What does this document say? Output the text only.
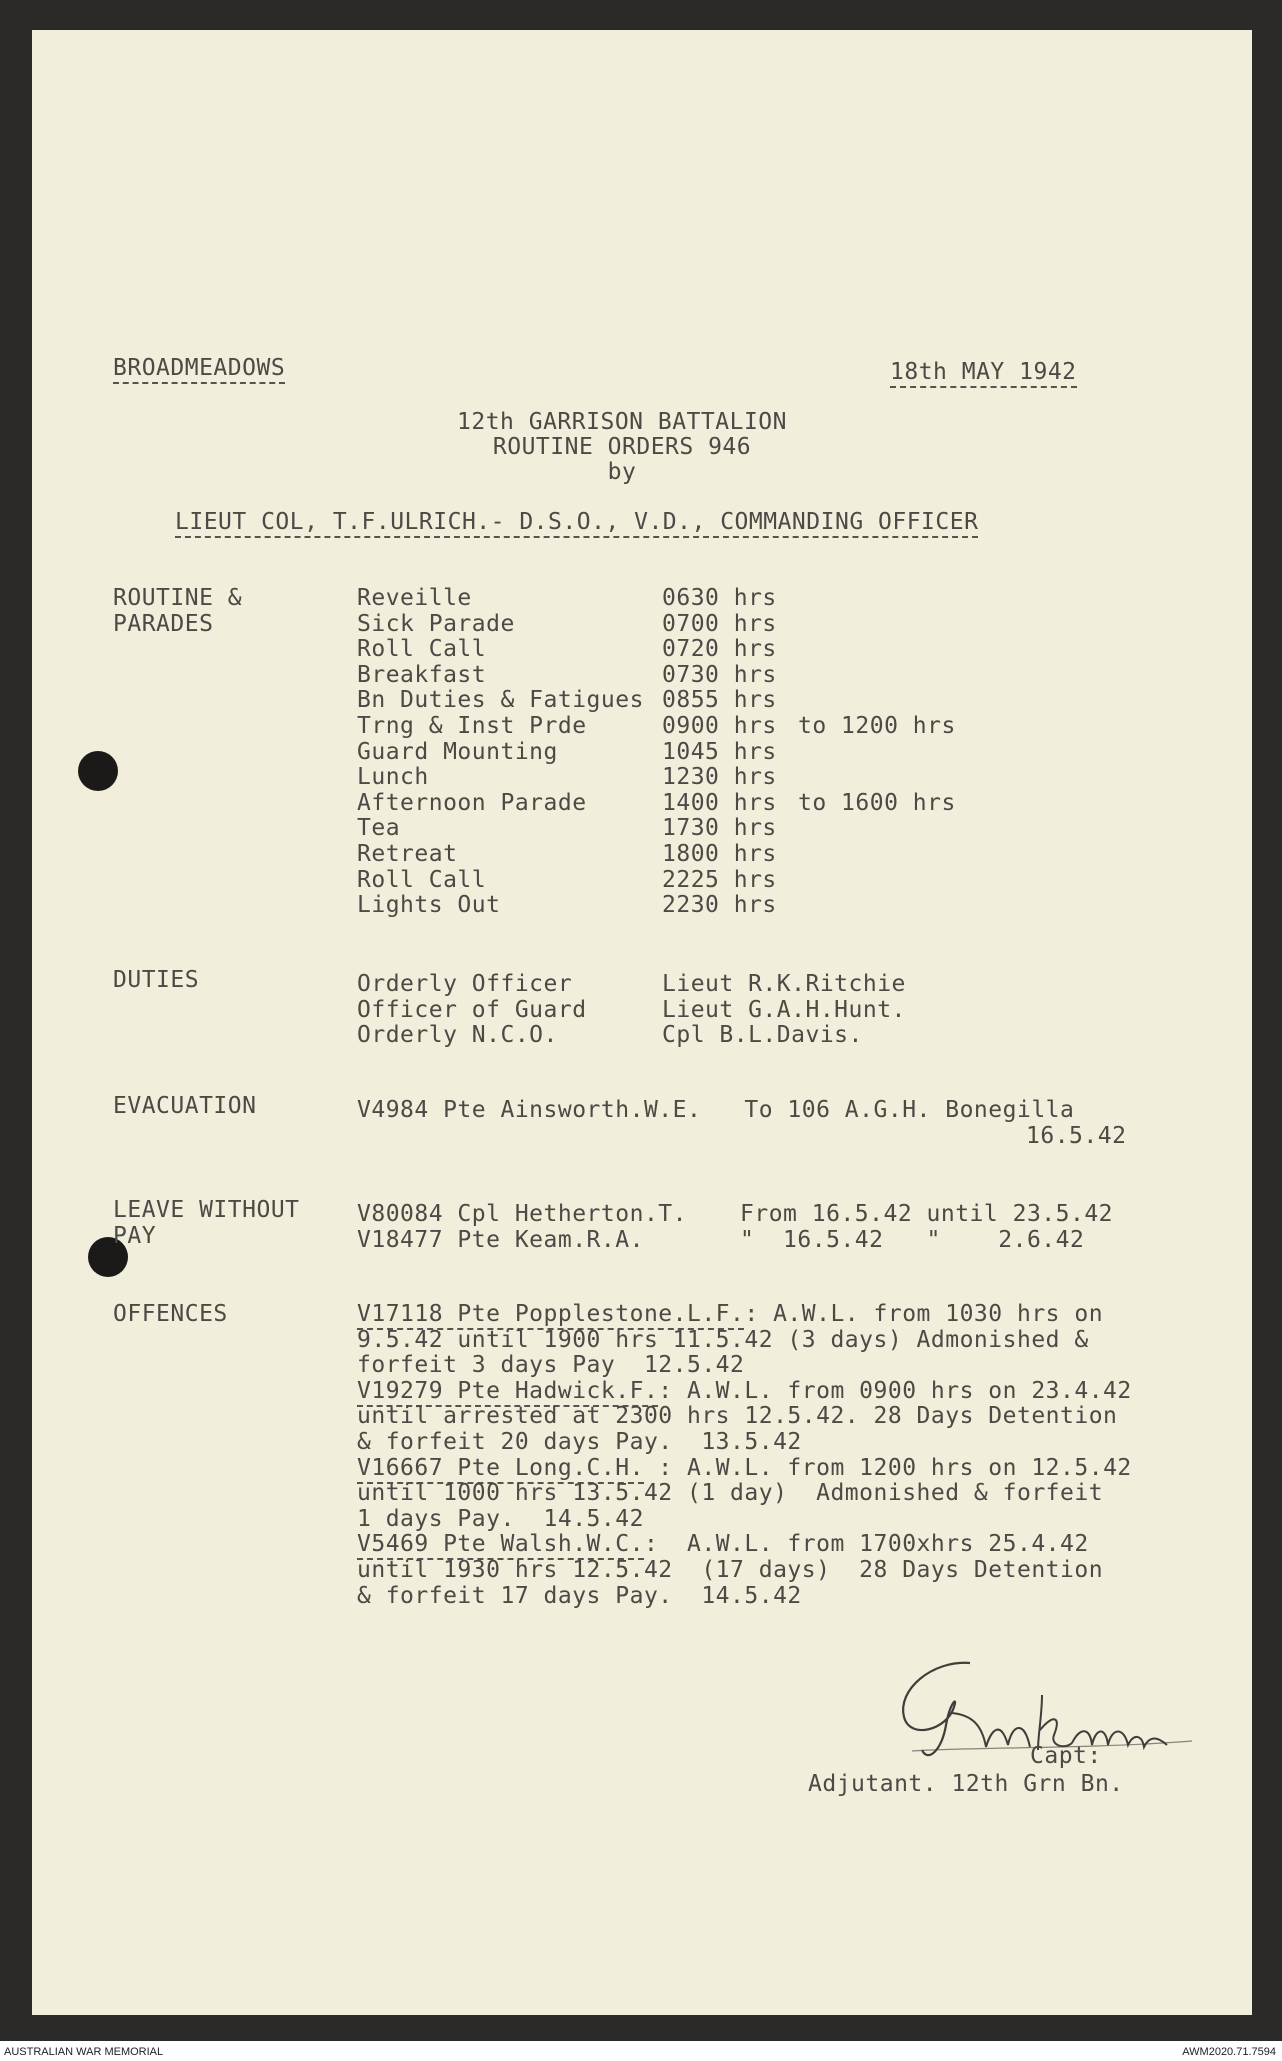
BROADMEADOWS	18th MAY 1942
12th GARRISON BATTALION
ROUTINE ORDERS 946
by
LIEUT COL, T.F.ULRICH.- D.S.O., V.D., COMMANDING OFFICER
ROUTINE &
PARADES
Reveille	0630 hrs
Sick Parade	0700 hrs
Roll Call	0720 hrs
Breakfast	0730 hrs
Bn Duties & Fatigues 0855 hrs
Trng & Inst Prde	0900 hrs to 1200 hrs
Guard Mounting	1045 hrs
Lunch	1230 hrs
Afternoon Parade	1400 hrs to 1600 hrs
Tea	1730 hrs
Retreat	1800 hrs
Roll Call	2225 hrs
Lights Out	2230 hrs
DUTIES	Orderly Officer	Lieut R.K.Ritchie
Officer of Guard	Lieut G.A.H.Hunt.
Orderly N.C.O.	Cpl B.L.Davis.
EVACUATION	V4984 Pte Ainsworth.W.E.   To 106 A.G.H. Bonegilla
16.5.42
LEAVE WITHOUT
PAY
V80084 Cpl Hetherton.T. From 16.5.42 until 23.5.42
V18477 Pte Keam.R.A.	"  16.5.42   "    2.6.42
OFFENCES	V17118 Pte Popplestone.L.F.: A.W.L. from 1030 hrs on
9.5.42 until 1900 hrs 11.5.42 (3 days) Admonished &
forfeit 3 days Pay  12.5.42
V19279 Pte Hadwick.F.: A.W.L. from 0900 hrs on 23.4.42
until arrested at 2300 hrs 12.5.42. 28 Days Detention
& forfeit 20 days Pay.  13.5.42
V16667 Pte Long.C.H. : A.W.L. from 1200 hrs on 12.5.42
until 1000 hrs 13.5.42 (1 day)  Admonished & forfeit
1 days Pay.  14.5.42
V5469 Pte Walsh.W.C.:  A.W.L. from 1700xhrs 25.4.42
until 1930 hrs 12.5.42  (17 days)  28 Days Detention
& forfeit 17 days Pay.  14.5.42
Capt:
Adjutant. 12th Grn Bn.
AUSTRALIAN WAR MEMORIAL	AWM2020.71.7594
